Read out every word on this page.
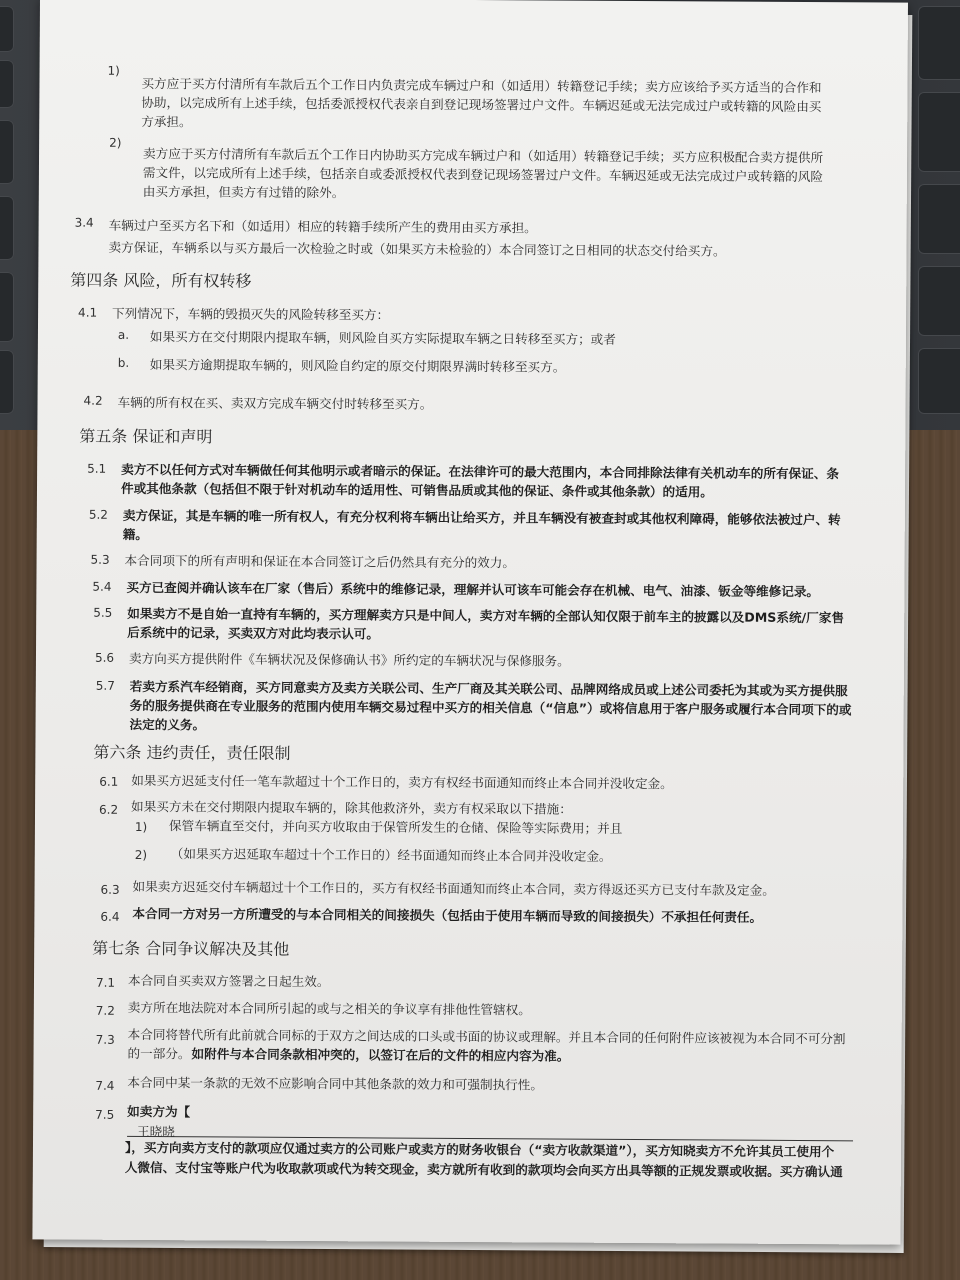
1)
买方应于买方付清所有车款后五个工作日内负责完成车辆过户和（如适用）转籍登记手续；卖方应该给予买方适当的合作和
协助，以完成所有上述手续，包括委派授权代表亲自到登记现场签署过户文件。车辆迟延或无法完成过户或转籍的风险由买
方承担。
2)
卖方应于买方付清所有车款后五个工作日内协助买方完成车辆过户和（如适用）转籍登记手续；买方应积极配合卖方提供所
需文件，以完成所有上述手续，包括亲自或委派授权代表到登记现场签署过户文件。车辆迟延或无法完成过户或转籍的风险
由买方承担，但卖方有过错的除外。
3.4 车辆过户至买方名下和（如适用）相应的转籍手续所产生的费用由买方承担。
卖方保证，车辆系以与买方最后一次检验之时或（如果买方未检验的）本合同签订之日相同的状态交付给买方。
第四条 风险，所有权转移
4.1 下列情况下，车辆的毁损灭失的风险转移至买方：
a. 如果买方在交付期限内提取车辆，则风险自买方实际提取车辆之日转移至买方；或者
b. 如果买方逾期提取车辆的，则风险自约定的原交付期限界满时转移至买方。
4.2 车辆的所有权在买、卖双方完成车辆交付时转移至买方。
第五条 保证和声明
5.1 卖方不以任何方式对车辆做任何其他明示或者暗示的保证。在法律许可的最大范围内，本合同排除法律有关机动车的所有保证、条
件或其他条款（包括但不限于针对机动车的适用性、可销售品质或其他的保证、条件或其他条款）的适用。
5.2 卖方保证，其是车辆的唯一所有权人，有充分权利将车辆出让给买方，并且车辆没有被查封或其他权利障碍，能够依法被过户、转
籍。
5.3 本合同项下的所有声明和保证在本合同签订之后仍然具有充分的效力。
5.4 买方已查阅并确认该车在厂家（售后）系统中的维修记录，理解并认可该车可能会存在机械、电气、油漆、钣金等维修记录。
5.5 如果卖方不是自始一直持有车辆的，买方理解卖方只是中间人，卖方对车辆的全部认知仅限于前车主的披露以及DMS系统/厂家售
后系统中的记录，买卖双方对此均表示认可。
5.6 卖方向买方提供附件《车辆状况及保修确认书》所约定的车辆状况与保修服务。
5.7 若卖方系汽车经销商，买方同意卖方及卖方关联公司、生产厂商及其关联公司、品牌网络成员或上述公司委托为其或为买方提供服
务的服务提供商在专业服务的范围内使用车辆交易过程中买方的相关信息（“信息”）或将信息用于客户服务或履行本合同项下的或
法定的义务。
第六条 违约责任，责任限制
6.1 如果买方迟延支付任一笔车款超过十个工作日的，卖方有权经书面通知而终止本合同并没收定金。
6.2 如果买方未在交付期限内提取车辆的，除其他救济外，卖方有权采取以下措施：
1) 保管车辆直至交付，并向买方收取由于保管所发生的仓储、保险等实际费用；并且
2) （如果买方迟延取车超过十个工作日的）经书面通知而终止本合同并没收定金。
6.3 如果卖方迟延交付车辆超过十个工作日的，买方有权经书面通知而终止本合同，卖方得返还买方已支付车款及定金。
6.4 本合同一方对另一方所遭受的与本合同相关的间接损失（包括由于使用车辆而导致的间接损失）不承担任何责任。
第七条 合同争议解决及其他
7.1 本合同自买卖双方签署之日起生效。
7.2 卖方所在地法院对本合同所引起的或与之相关的争议享有排他性管辖权。
7.3 本合同将替代所有此前就合同标的于双方之间达成的口头或书面的协议或理解。并且本合同的任何附件应该被视为本合同不可分割
的一部分。 如附件与本合同条款相冲突的，以签订在后的文件的相应内容为准。
7.4 本合同中某一条款的无效不应影响合同中其他条款的效力和可强制执行性。
7.5 如卖方为【
王晓晓
】，买方向卖方支付的款项应仅通过卖方的公司账户或卖方的财务收银台（“卖方收款渠道”），买方知晓卖方不允许其员工使用个
人微信、支付宝等账户代为收取款项或代为转交现金，卖方就所有收到的款项均会向买方出具等额的正规发票或收据。买方确认通
